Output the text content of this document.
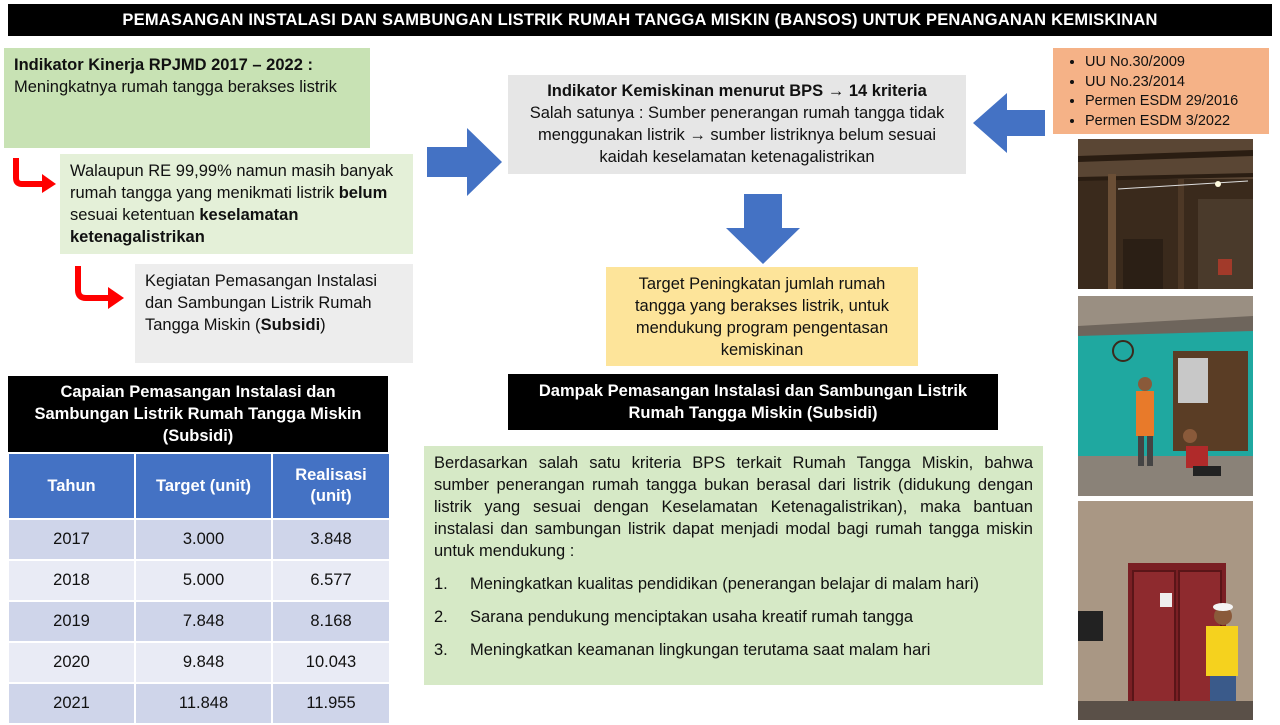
PEMASANGAN INSTALASI DAN SAMBUNGAN LISTRIK RUMAH TANGGA MISKIN (BANSOS) UNTUK PENANGANAN KEMISKINAN
Indikator Kinerja RPJMD 2017 – 2022 :
Meningkatnya rumah tangga berakses listrik
Walaupun RE 99,99% namun masih banyak rumah tangga yang menikmati listrik belum sesuai ketentuan keselamatan ketenagalistrikan
Kegiatan Pemasangan Instalasi dan Sambungan Listrik Rumah Tangga Miskin (Subsidi)
Indikator Kemiskinan menurut BPS → 14 kriteria
Salah satunya : Sumber penerangan rumah tangga tidak menggunakan listrik → sumber listriknya belum sesuai kaidah keselamatan ketenagalistrikan
• UU No.30/2009
• UU No.23/2014
• Permen ESDM 29/2016
• Permen ESDM 3/2022
Target Peningkatan jumlah rumah tangga yang berakses listrik, untuk mendukung program pengentasan kemiskinan
Capaian Pemasangan Instalasi dan Sambungan Listrik Rumah Tangga Miskin (Subsidi)
Tahun	Target (unit)	Realisasi (unit)
2017	3.000	3.848
2018	5.000	6.577
2019	7.848	8.168
2020	9.848	10.043
2021	11.848	11.955
Dampak Pemasangan Instalasi dan Sambungan Listrik Rumah Tangga Miskin (Subsidi)
Berdasarkan salah satu kriteria BPS terkait Rumah Tangga Miskin, bahwa sumber penerangan rumah tangga bukan berasal dari listrik (didukung dengan listrik yang sesuai dengan Keselamatan Ketenagalistrikan), maka bantuan instalasi dan sambungan listrik dapat menjadi modal bagi rumah tangga miskin untuk mendukung :
1.	Meningkatkan kualitas pendidikan (penerangan belajar di malam hari)
2.	Sarana pendukung menciptakan usaha kreatif rumah tangga
3.	Meningkatkan keamanan lingkungan terutama saat malam hari
